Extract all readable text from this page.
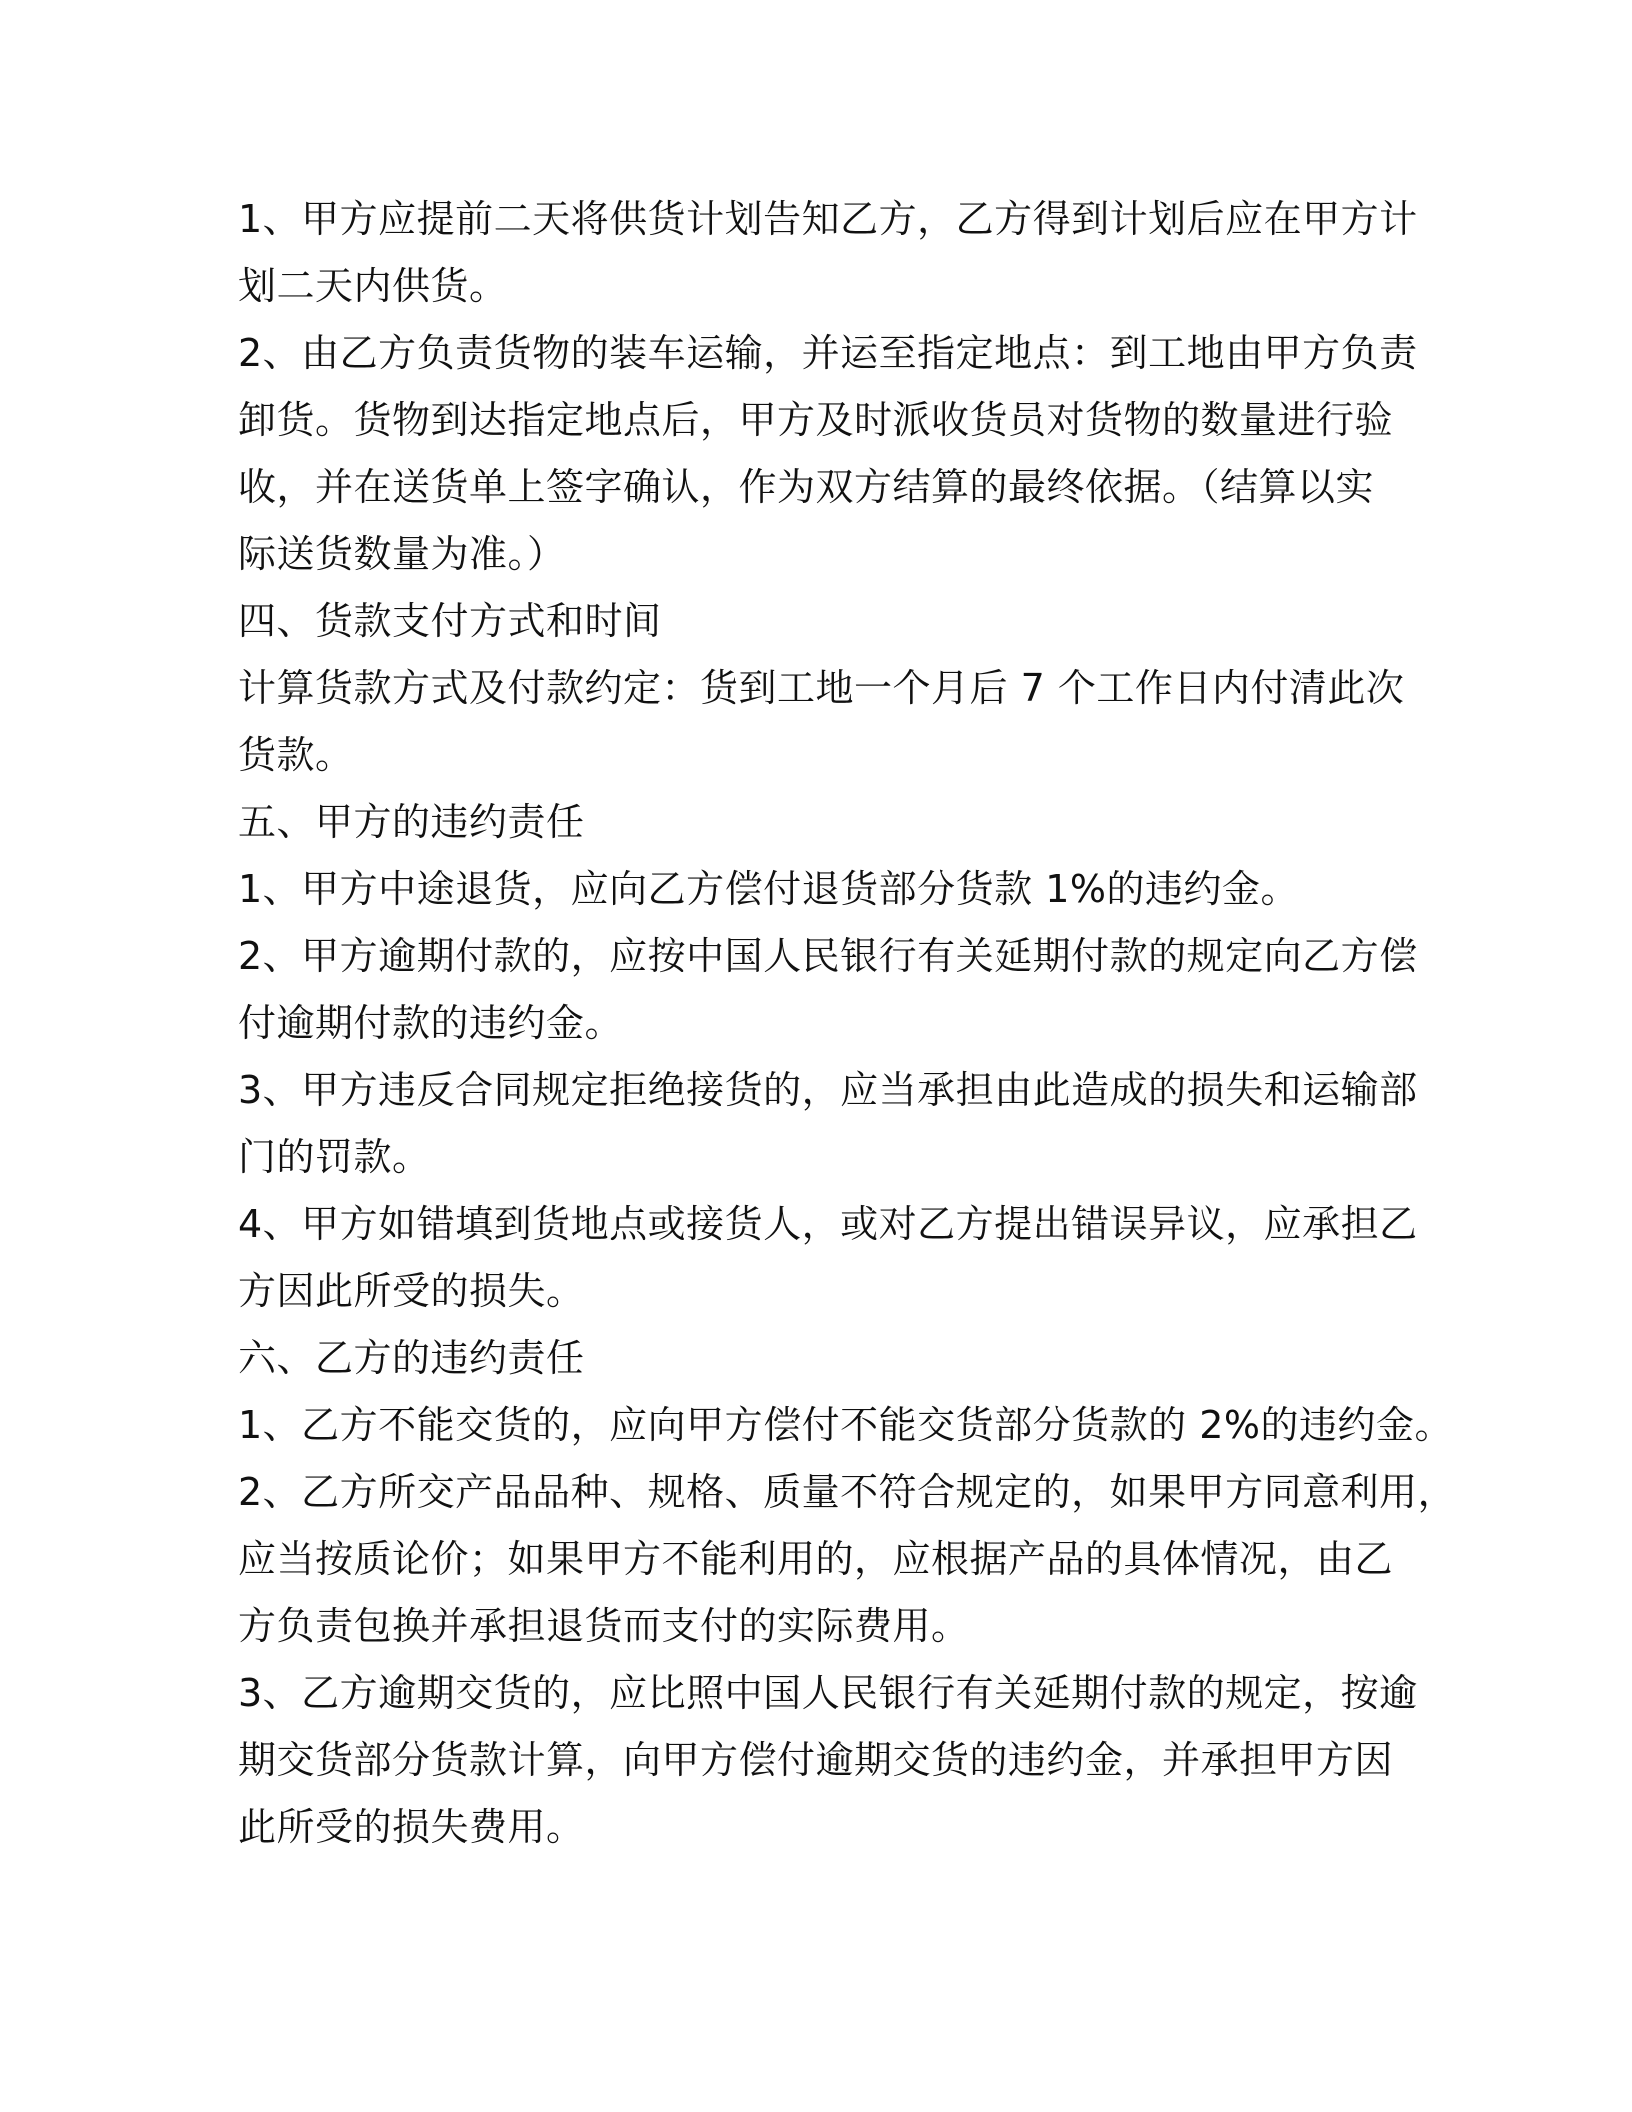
1、甲方应提前二天将供货计划告知乙方，乙方得到计划后应在甲方计
划二天内供货。
2、由乙方负责货物的装车运输，并运至指定地点：到工地由甲方负责
卸货。货物到达指定地点后，甲方及时派收货员对货物的数量进行验
收，并在送货单上签字确认，作为双方结算的最终依据。（结算以实
际送货数量为准。）
四、货款支付方式和时间
计算货款方式及付款约定：货到工地一个月后 7 个工作日内付清此次
货款。
五、甲方的违约责任
1、甲方中途退货，应向乙方偿付退货部分货款 1%的违约金。
2、甲方逾期付款的，应按中国人民银行有关延期付款的规定向乙方偿
付逾期付款的违约金。
3、甲方违反合同规定拒绝接货的，应当承担由此造成的损失和运输部
门的罚款。
4、甲方如错填到货地点或接货人，或对乙方提出错误异议，应承担乙
方因此所受的损失。
六、乙方的违约责任
1、乙方不能交货的，应向甲方偿付不能交货部分货款的 2%的违约金。
2、乙方所交产品品种、规格、质量不符合规定的，如果甲方同意利用，
应当按质论价；如果甲方不能利用的，应根据产品的具体情况，由乙
方负责包换并承担退货而支付的实际费用。
3、乙方逾期交货的，应比照中国人民银行有关延期付款的规定，按逾
期交货部分货款计算，向甲方偿付逾期交货的违约金，并承担甲方因
此所受的损失费用。
